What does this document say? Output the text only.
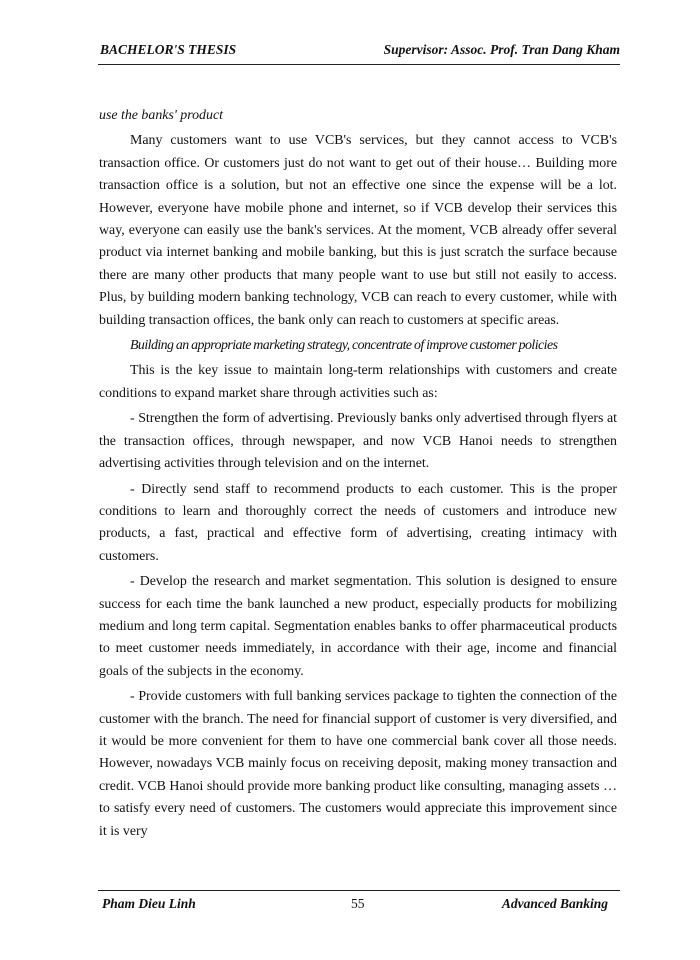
BACHELOR'S THESIS	Supervisor: Assoc. Prof. Tran Dang Kham

use the banks' product

Many customers want to use VCB's services, but they cannot access to VCB's transaction office. Or customers just do not want to get out of their house… Building more transaction office is a solution, but not an effective one since the expense will be a lot. However, everyone have mobile phone and internet, so if VCB develop their services this way, everyone can easily use the bank's services. At the moment, VCB already offer several product via internet banking and mobile banking, but this is just scratch the surface because there are many other products that many people want to use but still not easily to access. Plus, by building modern banking technology, VCB can reach to every customer, while with building transaction offices, the bank only can reach to customers at specific areas.

Building an appropriate marketing strategy, concentrate of improve customer policies

This is the key issue to maintain long-term relationships with customers and create conditions to expand market share through activities such as:

- Strengthen the form of advertising. Previously banks only advertised through flyers at the transaction offices, through newspaper, and now VCB Hanoi needs to strengthen advertising activities through television and on the internet.

- Directly send staff to recommend products to each customer. This is the proper conditions to learn and thoroughly correct the needs of customers and introduce new products, a fast, practical and effective form of advertising, creating intimacy with customers.

- Develop the research and market segmentation. This solution is designed to ensure success for each time the bank launched a new product, especially products for mobilizing medium and long term capital. Segmentation enables banks to offer pharmaceutical products to meet customer needs immediately, in accordance with their age, income and financial goals of the subjects in the economy.

- Provide customers with full banking services package to tighten the connection of the customer with the branch. The need for financial support of customer is very diversified, and it would be more convenient for them to have one commercial bank cover all those needs. However, nowadays VCB mainly focus on receiving deposit, making money transaction and credit. VCB Hanoi should provide more banking product like consulting, managing assets … to satisfy every need of customers. The customers would appreciate this improvement since it is very

Pham Dieu Linh	55	Advanced Banking
